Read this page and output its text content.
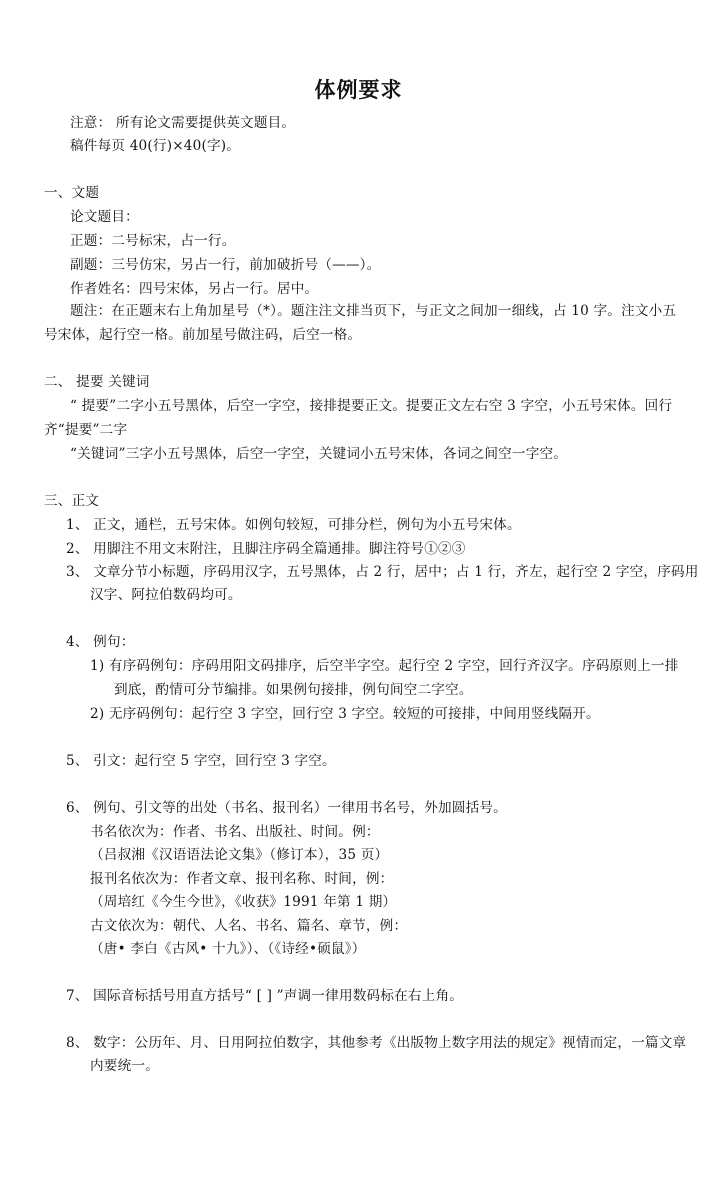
体例要求
注意： 所有论文需要提供英文题目。
稿件每页 40(行)×40(字)。
一、文题
论文题目：
正题：二号标宋，占一行。
副题：三号仿宋，另占一行，前加破折号（——）。
作者姓名：四号宋体，另占一行。居中。
题注：在正题末右上角加星号（*）。题注注文排当页下，与正文之间加一细线，占 10 字。注文小五
号宋体，起行空一格。前加星号做注码，后空一格。
二、 提要 关键词
“ 提要”二字小五号黑体，后空一字空，接排提要正文。提要正文左右空 3 字空，小五号宋体。回行
齐“提要”二字
“关键词”三字小五号黑体，后空一字空，关键词小五号宋体，各词之间空一字空。
三、正文
1、 正文，通栏，五号宋体。如例句较短，可排分栏，例句为小五号宋体。
2、 用脚注不用文末附注，且脚注序码全篇通排。脚注符号①②③
3、 文章分节小标题，序码用汉字，五号黑体，占 2 行，居中；占 1 行，齐左，起行空 2 字空，序码用
汉字、阿拉伯数码均可。
4、 例句：
1) 有序码例句：序码用阳文码排序，后空半字空。起行空 2 字空，回行齐汉字。序码原则上一排
到底，酌情可分节编排。如果例句接排，例句间空二字空。
2) 无序码例句：起行空 3 字空，回行空 3 字空。较短的可接排，中间用竖线隔开。
5、 引文：起行空 5 字空，回行空 3 字空。
6、 例句、引文等的出处（书名、报刊名）一律用书名号，外加圆括号。
书名依次为：作者、书名、出版社、时间。例：
（吕叔湘《汉语语法论文集》（修订本），35 页）
报刊名依次为：作者文章、报刊名称、时间，例：
（周培红《今生今世》，《收获》1991 年第 1 期）
古文依次为：朝代、人名、书名、篇名、章节，例：
（唐• 李白《古风• 十九》）、（《诗经•硕鼠》）
7、 国际音标括号用直方括号“ [ ] ”声调一律用数码标在右上角。
8、 数字：公历年、月、日用阿拉伯数字，其他参考《出版物上数字用法的规定》视情而定，一篇文章
内要统一。
